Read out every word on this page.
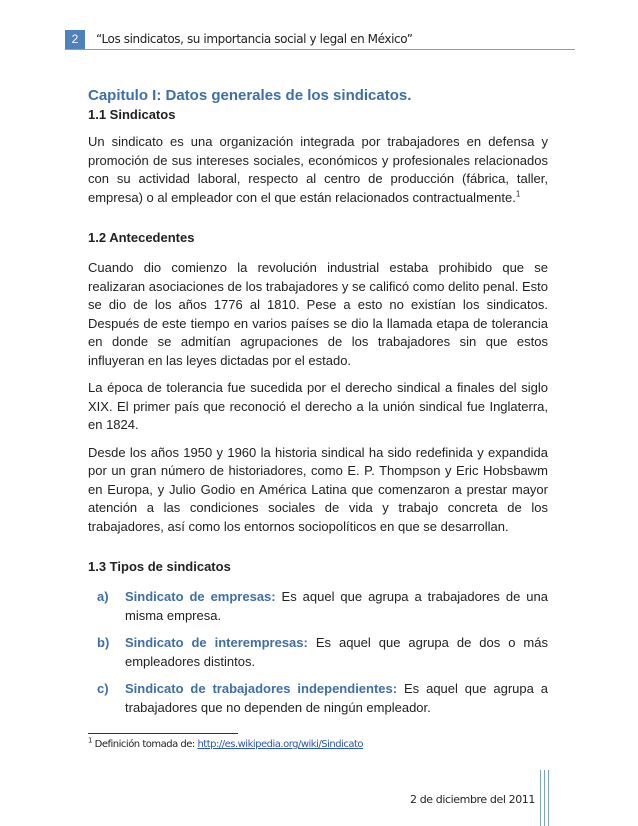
2	“Los sindicatos, su importancia social y legal en México”
Capitulo I: Datos generales de los sindicatos.
1.1 Sindicatos

Un sindicato es una organización integrada por trabajadores en defensa y promoción de sus intereses sociales, económicos y profesionales relacionados con su actividad laboral, respecto al centro de producción (fábrica, taller, empresa) o al empleador con el que están relacionados contractualmente.$^1$

1.2 Antecedentes

Cuando dio comienzo la revolución industrial estaba prohibido que se realizaran asociaciones de los trabajadores y se calificó como delito penal. Esto se dio de los años 1776 al 1810. Pese a esto no existían los sindicatos. Después de este tiempo en varios países se dio la llamada etapa de tolerancia en donde se admitían agrupaciones de los trabajadores sin que estos influyeran en las leyes dictadas por el estado.

La época de tolerancia fue sucedida por el derecho sindical a finales del siglo XIX. El primer país que reconoció el derecho a la unión sindical fue Inglaterra, en 1824.

Desde los años 1950 y 1960 la historia sindical ha sido redefinida y expandida por un gran número de historiadores, como E. P. Thompson y Eric Hobsbawm en Europa, y Julio Godio en América Latina que comenzaron a prestar mayor atención a las condiciones sociales de vida y trabajo concreta de los trabajadores, así como los entornos sociopolíticos en que se desarrollan.

1.3 Tipos de sindicatos
a) Sindicato de empresas: Es aquel que agrupa a trabajadores de una misma empresa.
b) Sindicato de interempresas: Es aquel que agrupa de dos o más empleadores distintos.
c) Sindicato de trabajadores independientes: Es aquel que agrupa a trabajadores que no dependen de ningún empleador.
$^1$ Definición tomada de: http://es.wikipedia.org/wiki/Sindicato
2 de diciembre del 2011
